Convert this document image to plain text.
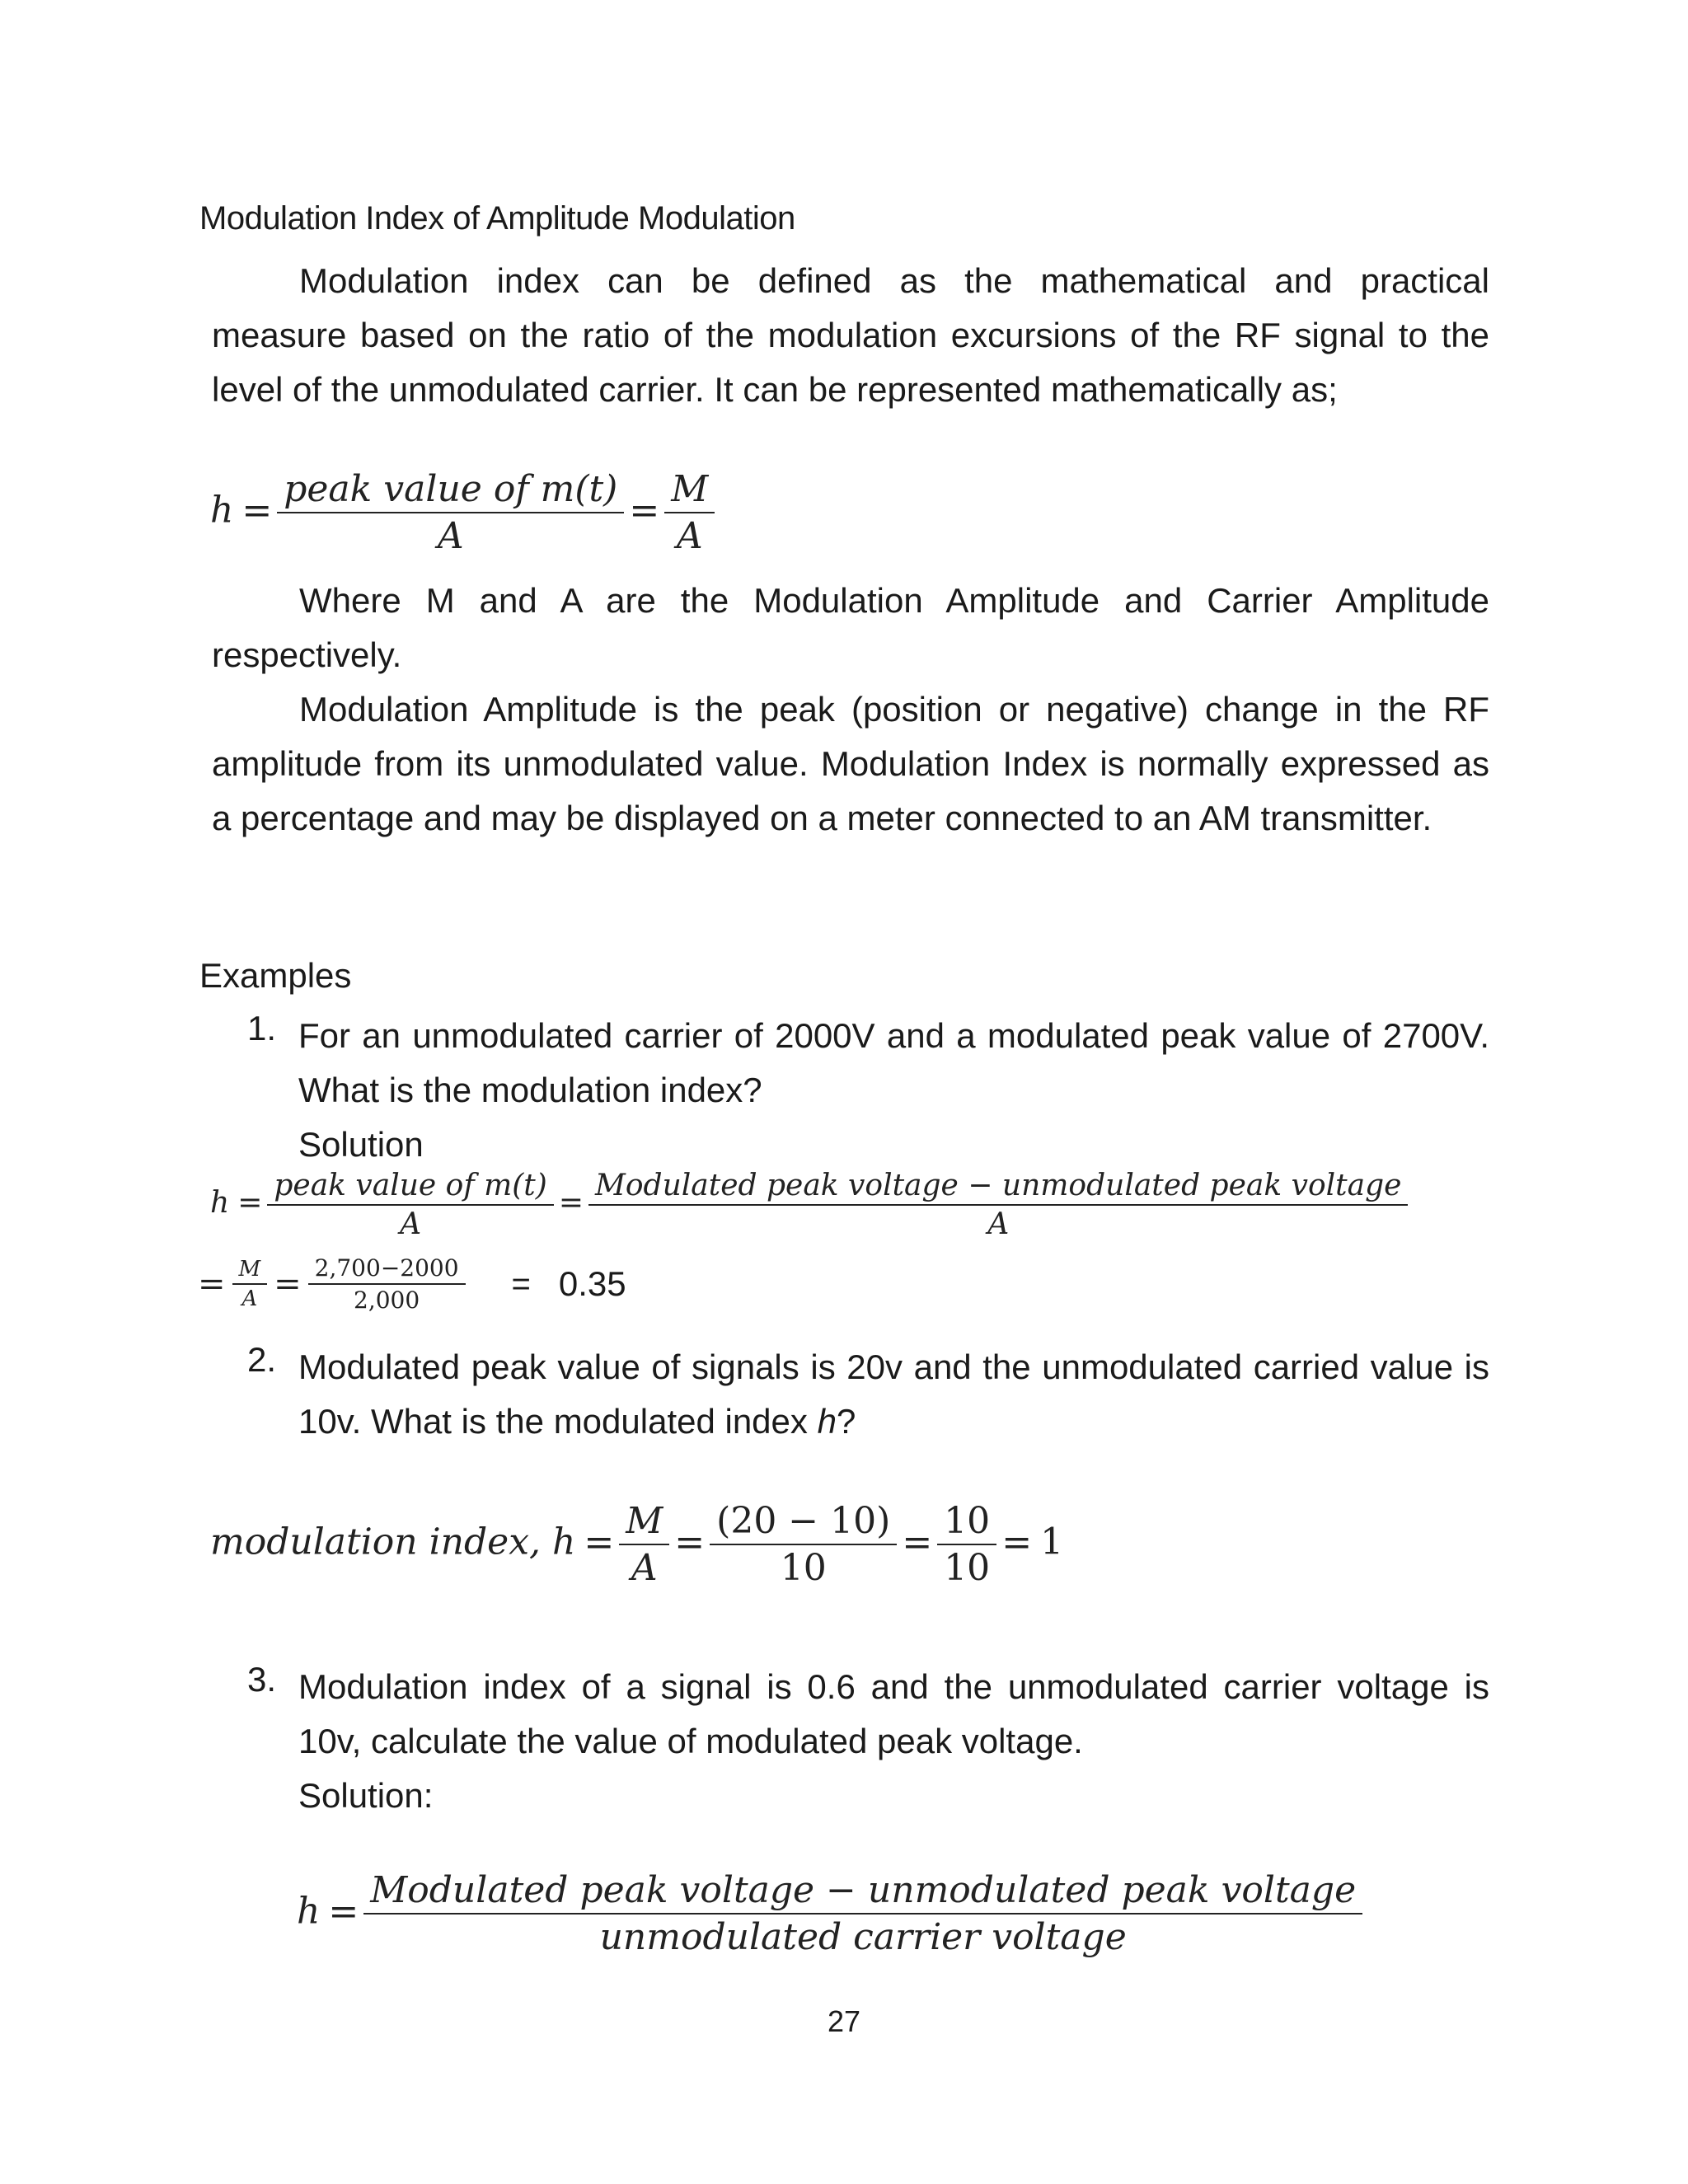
Modulation Index of Amplitude Modulation
Modulation index can be defined as the mathematical and practical
measure based on the ratio of the modulation excursions of the RF signal to the level of the unmodulated carrier. It can be represented mathematically as;
$h = \frac{\text{peak value of m(t)}}{A} = \frac{M}{A}$
Where M and A are the Modulation Amplitude and Carrier Amplitude
respectively.
Modulation Amplitude is the peak (position or negative) change in the RF
amplitude from its unmodulated value. Modulation Index is normally expressed as a percentage and may be displayed on a meter connected to an AM transmitter.
Examples
1. For an unmodulated carrier of 2000V and a modulated peak value of 2700V. What is the modulation index?
Solution
$h = \frac{\text{peak value of m(t)}}{A} = \frac{\text{Modulated peak voltage − unmodulated peak voltage}}{A}$
= $\frac{M}{A} = \frac{2,700-2000}{2,000} = 0.35$
2. Modulated peak value of signals is 20v and the unmodulated carried value is 10v. What is the modulated index h?
modulation index, $h = \frac{M}{A} = \frac{(20 - 10)}{10} = \frac{10}{10} = 1$
3. Modulation index of a signal is 0.6 and the unmodulated carrier voltage is 10v, calculate the value of modulated peak voltage.
Solution:
$h = \frac{\text{Modulated peak voltage − unmodulated peak voltage}}{\text{unmodulated carrier voltage}}$
27
